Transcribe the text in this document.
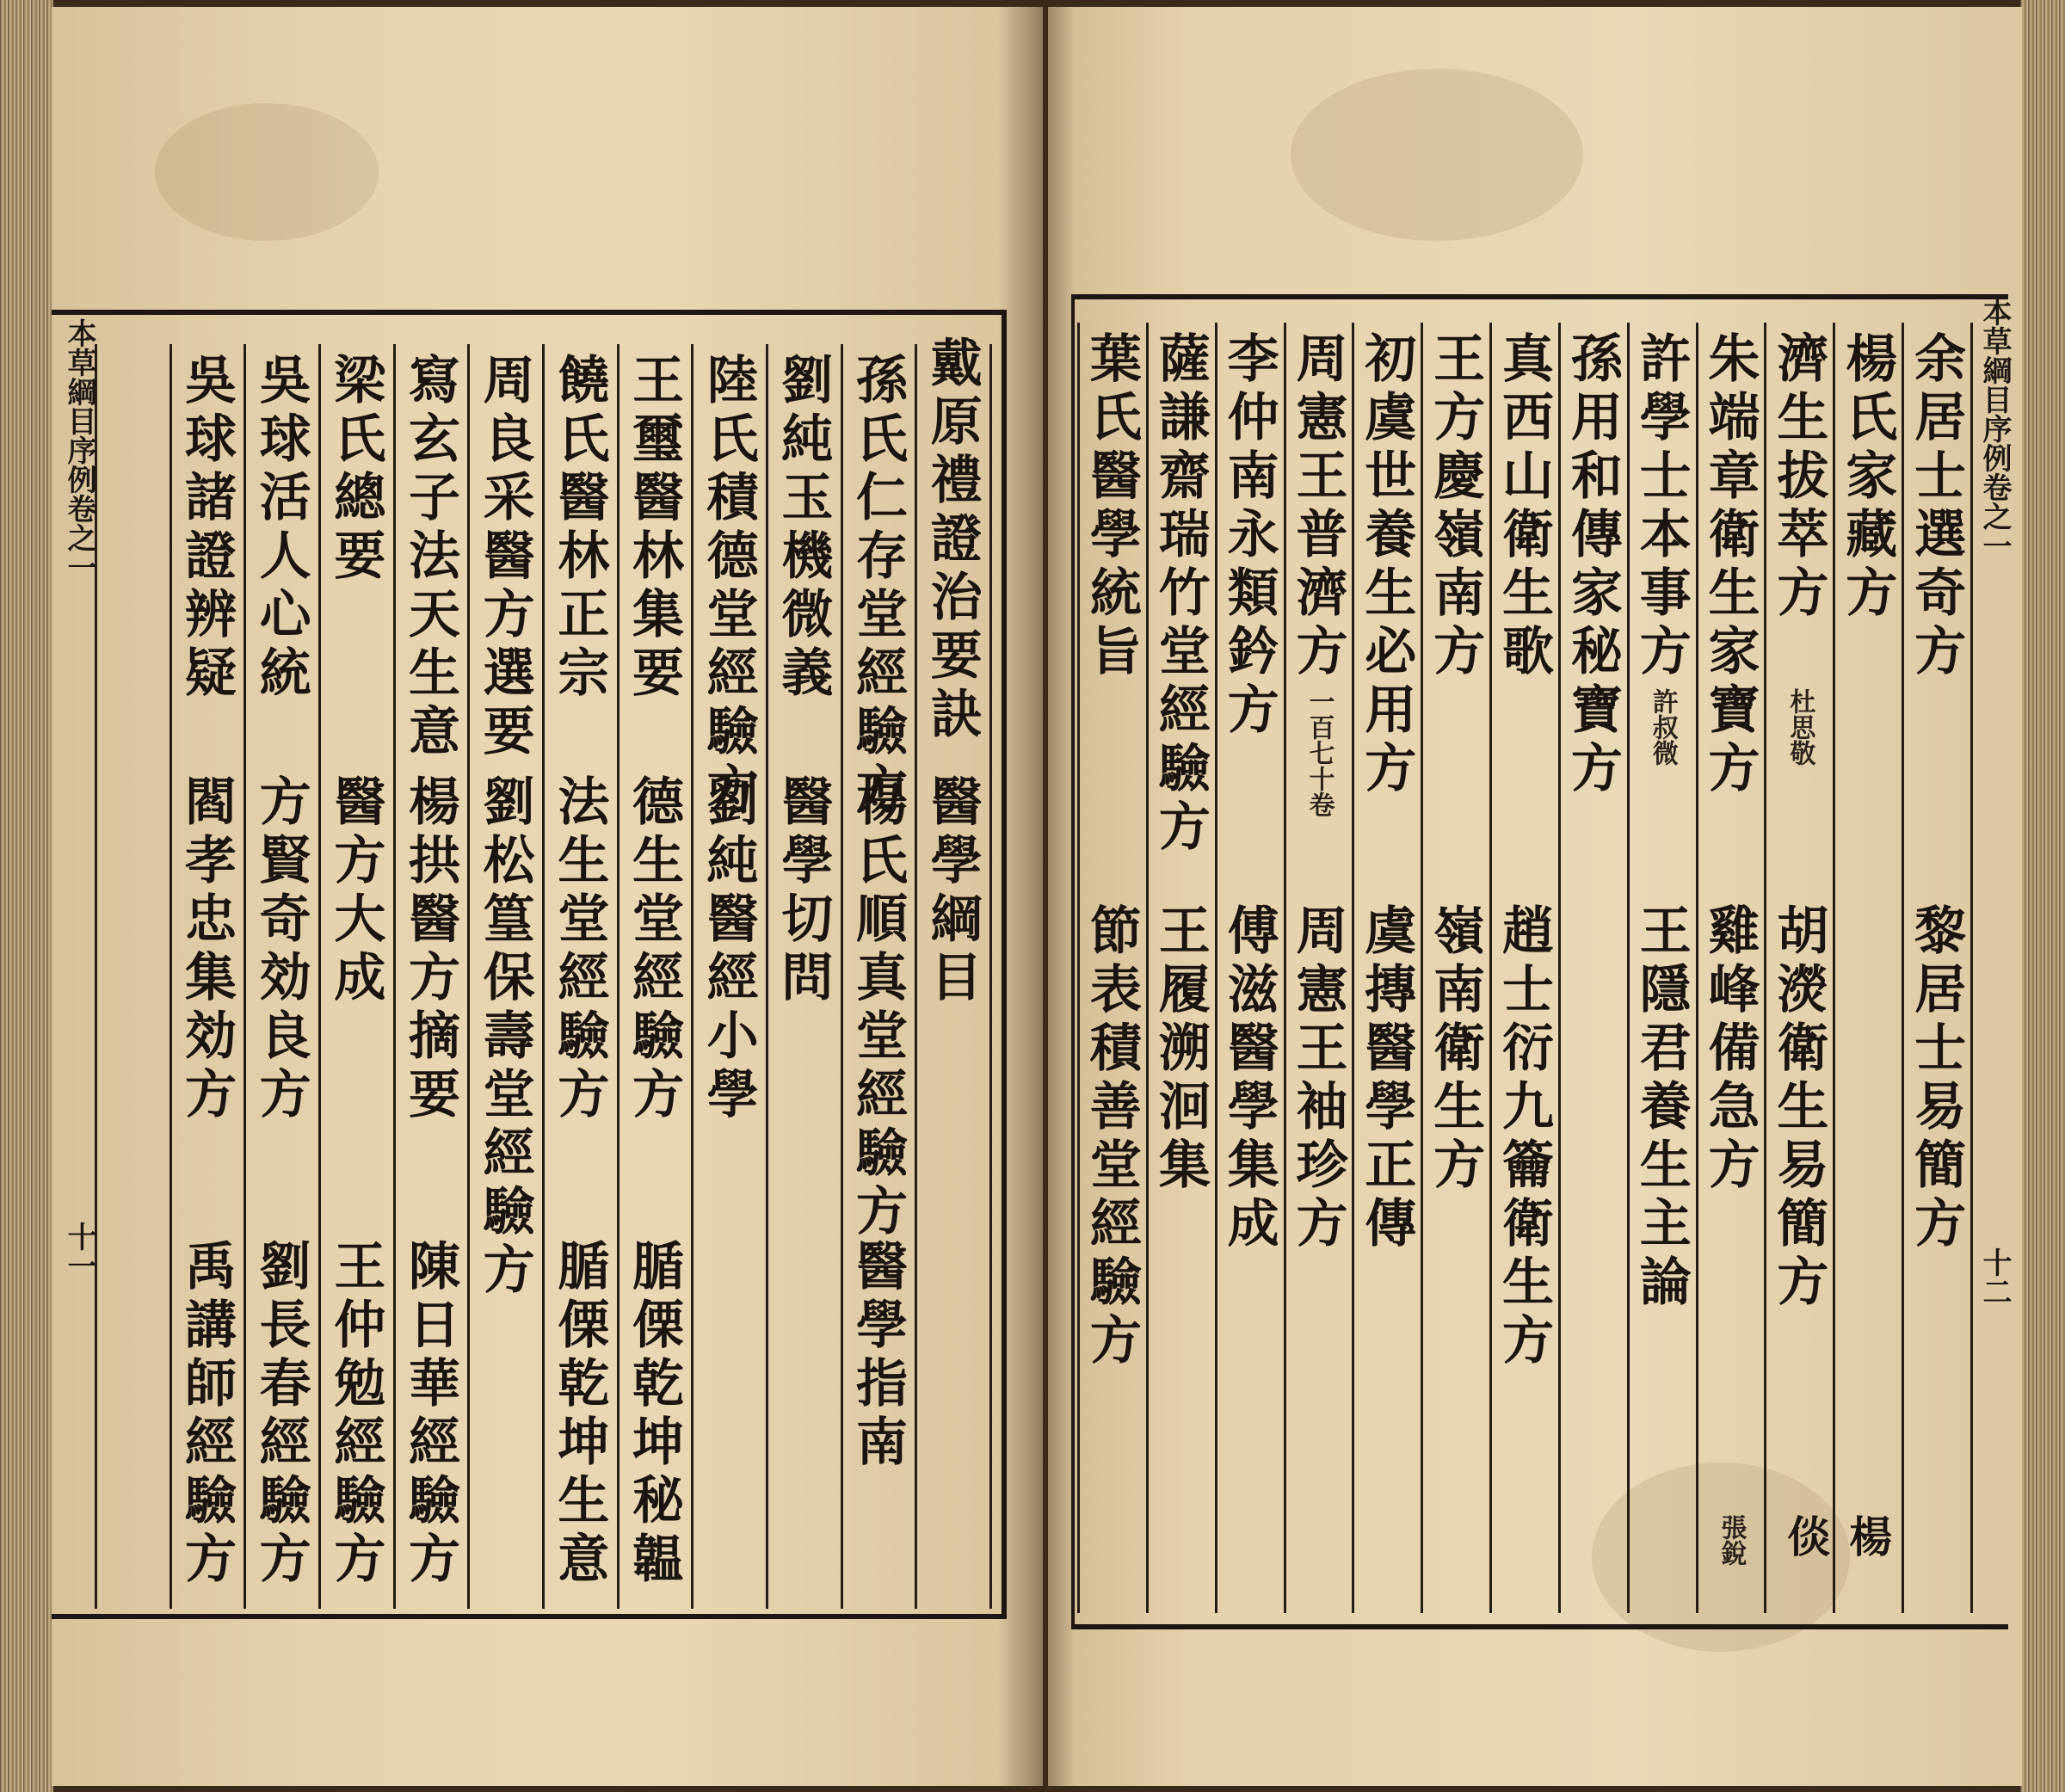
戴原禮證治要訣
醫學綱目
孫氏仁存堂經驗方
楊氏順真堂經驗方
醫學指南
劉純玉機微義
醫學切問
陸氏積德堂經驗方
劉純醫經小學
王璽醫林集要
德生堂經驗方
腯傈乾坤秘韞
饒氏醫林正宗
法生堂經驗方
腯傈乾坤生意
周良采醫方選要
劉松篁保壽堂經驗方
寫玄子法天生意
楊拱醫方摘要
陳日華經驗方
梁氏總要
醫方大成
王仲勉經驗方
吳球活人心統
方賢奇効良方
劉長春經驗方
吳球諸證辨疑
閻孝忠集効方
禹講師經驗方
本草綱目序例卷之一
十一
余居士選奇方
黎居士易簡方
楊氏家藏方
楊倓
濟生拔萃方
杜思敬
胡濙衛生易簡方
朱端章衛生家寶方
張銳
雞峰備急方
許學士本事方
許叔微
王隱君養生主論
孫用和傳家秘寶方
真西山衛生歌
趙士衍九籥衛生方
王方慶嶺南方
嶺南衛生方
初虞世養生必用方
虞摶醫學正傳
周憲王普濟方
一百七十卷
周憲王袖珍方
李仲南永類鈐方
傅滋醫學集成
薩謙齋瑞竹堂經驗方
王履溯洄集
葉氏醫學統旨
節表積善堂經驗方
本草綱目序例卷之一
十二
